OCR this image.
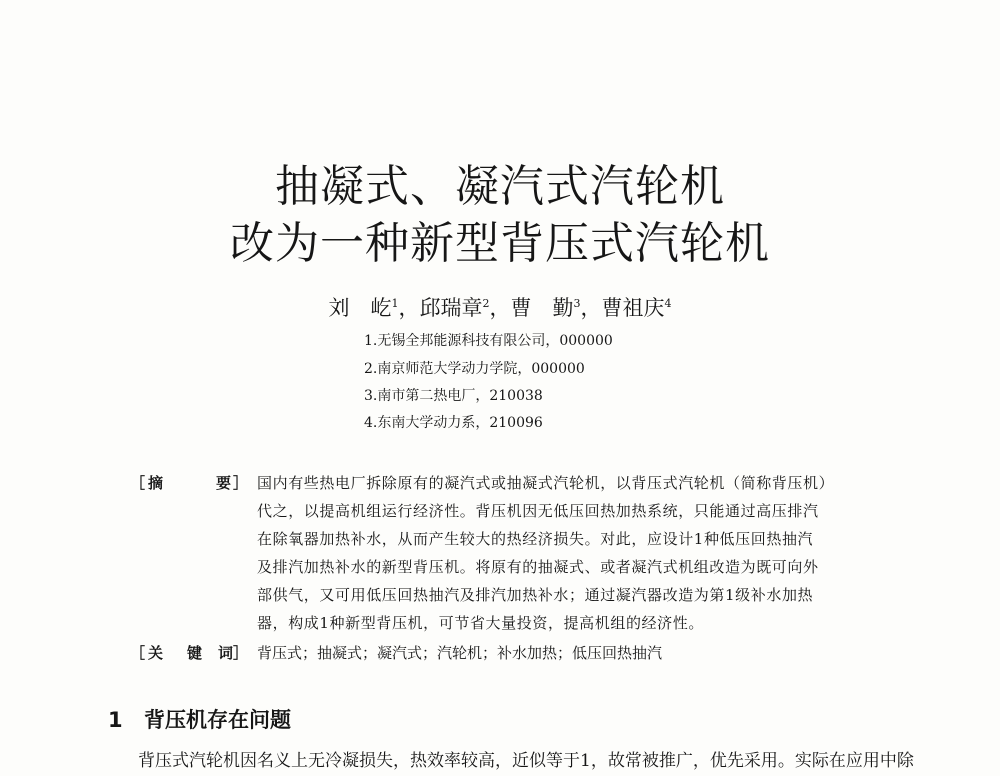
抽凝式、凝汽式汽轮机
改为一种新型背压式汽轮机
刘　屹$^1$，邱瑞章$^2$，曹　勤$^3$，曹祖庆$^4$
1.无锡全邦能源科技有限公司，000000
2.南京师范大学动力学院，000000
3.南市第二热电厂，210038
4.东南大学动力系，210096
［ 摘	要 ］ 国内有些热电厂拆除原有的凝汽式或抽凝式汽轮机，以背压式汽轮机（简称背压机）
代之，以提高机组运行经济性。背压机因无低压回热加热系统，只能通过高压排汽
在除氧器加热补水，从而产生较大的热经济损失。对此，应设计1种低压回热抽汽
及排汽加热补水的新型背压机。将原有的抽凝式、或者凝汽式机组改造为既可向外
部供气，又可用低压回热抽汽及排汽加热补水；通过凝汽器改造为第1级补水加热
器，构成1种新型背压机，可节省大量投资，提高机组的经济性。
［ 关 键 词 ］ 背压式；抽凝式；凝汽式；汽轮机；补水加热；低压回热抽汽
1 背压机存在问题
背压式汽轮机因名义上无冷凝损失，热效率较高，近似等于1，故常被推广，优先采用。实际在应用中除
